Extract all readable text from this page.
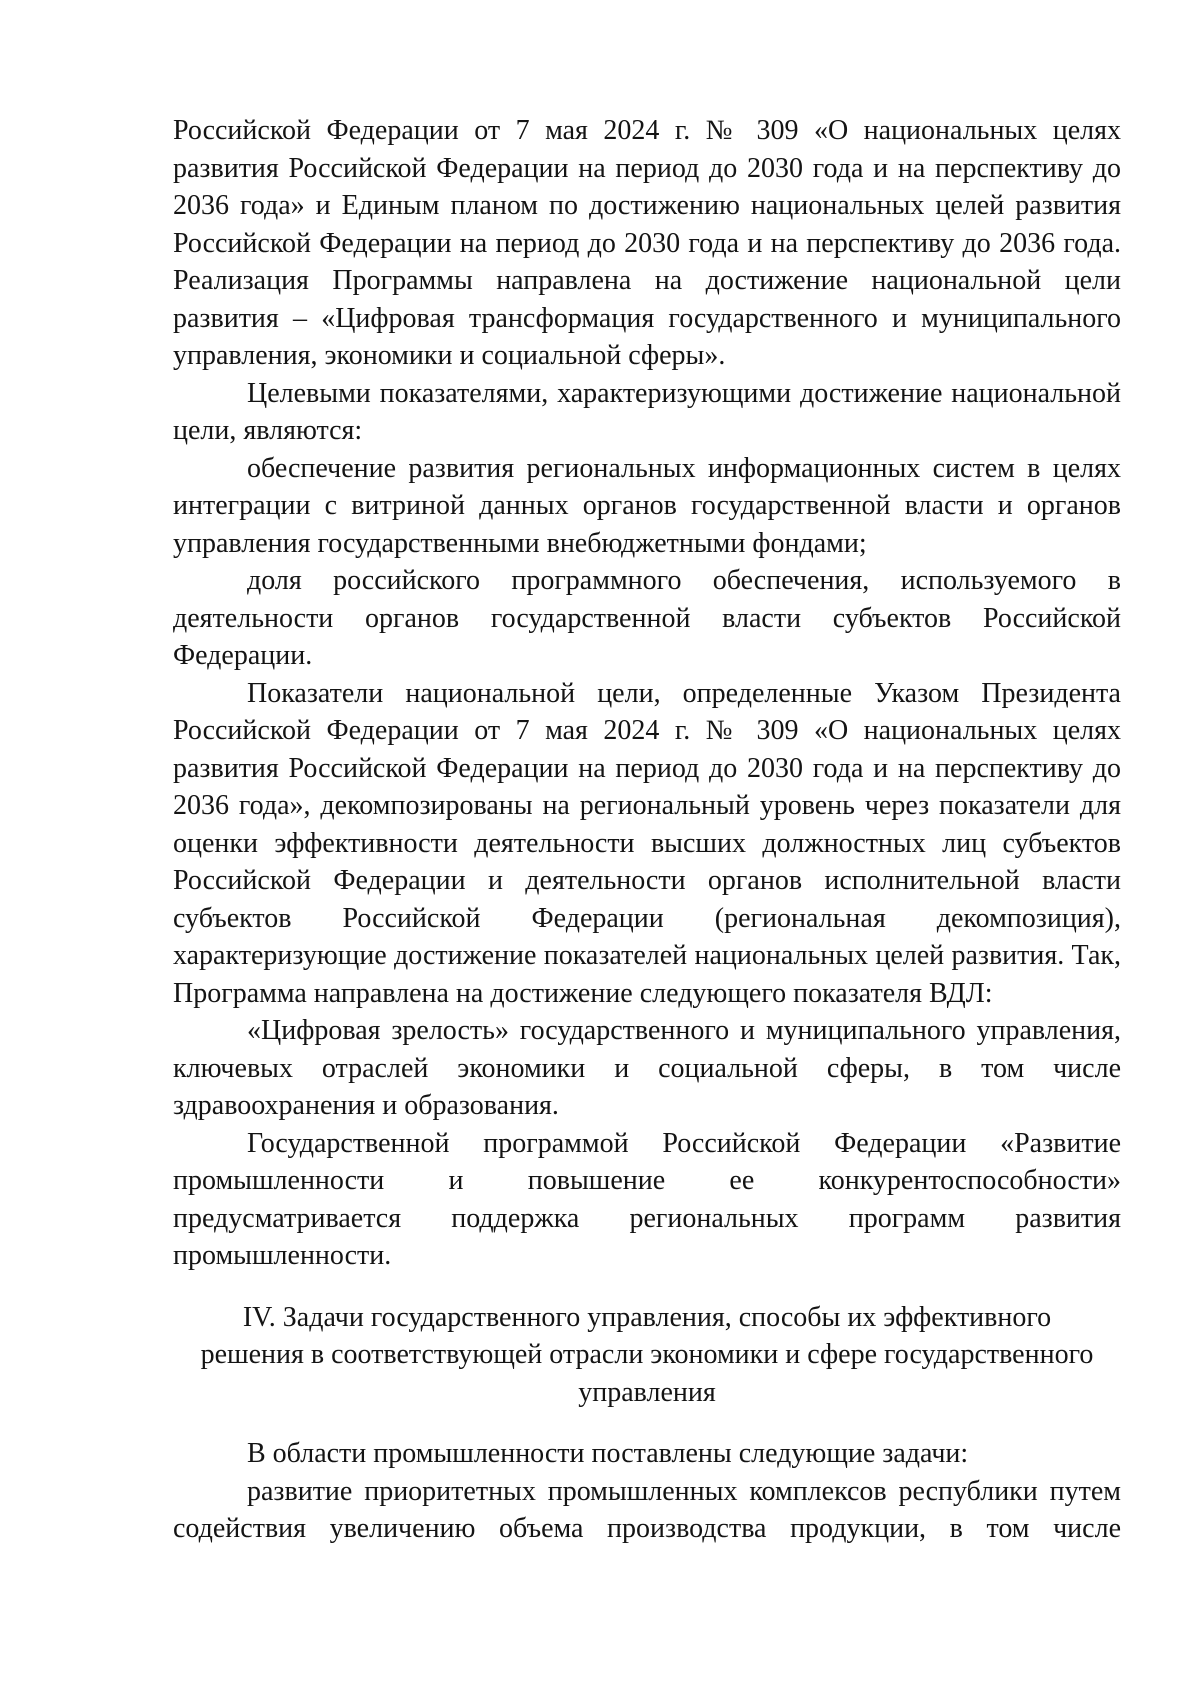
Российской Федерации от 7 мая 2024 г. № 309 «О национальных целях развития Российской Федерации на период до 2030 года и на перспективу до 2036 года» и Единым планом по достижению национальных целей развития Российской Федерации на период до 2030 года и на перспективу до 2036 года. Реализация Программы направлена на достижение национальной цели развития – «Цифровая трансформация государственного и муниципального управления, экономики и социальной сферы».

Целевыми показателями, характеризующими достижение национальной цели, являются:

обеспечение развития региональных информационных систем в целях интеграции с витриной данных органов государственной власти и органов управления государственными внебюджетными фондами;

доля российского программного обеспечения, используемого в деятельности органов государственной власти субъектов Российской Федерации.

Показатели национальной цели, определенные Указом Президента Российской Федерации от 7 мая 2024 г. № 309 «О национальных целях развития Российской Федерации на период до 2030 года и на перспективу до 2036 года», декомпозированы на региональный уровень через показатели для оценки эффективности деятельности высших должностных лиц субъектов Российской Федерации и деятельности органов исполнительной власти субъектов Российской Федерации (региональная декомпозиция), характеризующие достижение показателей национальных целей развития. Так, Программа направлена на достижение следующего показателя ВДЛ:

«Цифровая зрелость» государственного и муниципального управления, ключевых отраслей экономики и социальной сферы, в том числе здравоохранения и образования.

Государственной программой Российской Федерации «Развитие промышленности и повышение ее конкурентоспособности» предусматривается поддержка региональных программ развития промышленности.

IV. Задачи государственного управления, способы их эффективного
решения в соответствующей отрасли экономики и сфере государственного
управления

В области промышленности поставлены следующие задачи:

развитие приоритетных промышленных комплексов республики путем содействия увеличению объема производства продукции, в том числе
